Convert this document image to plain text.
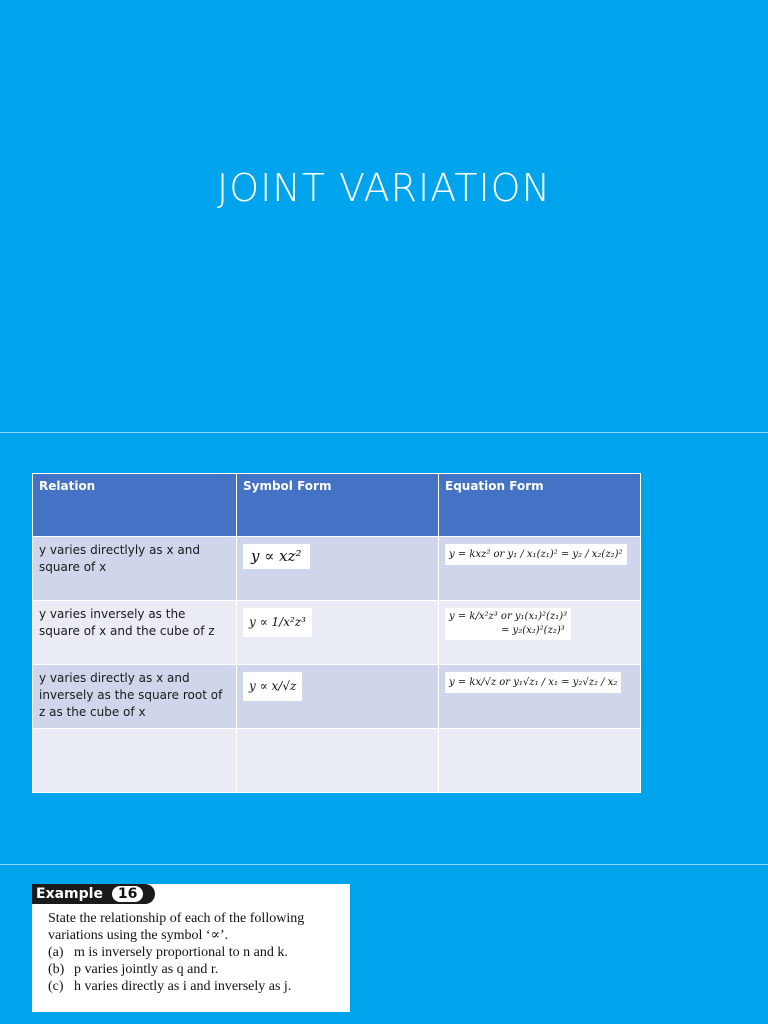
JOINT VARIATION
Relation	Symbol Form	Equation Form
y varies directlyly as x and square of x	y ∝ xz²	y = kxz² or y₁ / x₁(z₁)² = y₂ / x₂(z₂)²
y varies inversely as the square of x and the cube of z	y ∝ 1/x²z³	y = k/x²z³ or y₁(x₁)²(z₁)³
= y₂(x₂)²(z₂)³
y varies directly as x and inversely as the square root of z as the cube of x	y ∝ x/√z	y = kx/√z or y₁√z₁ / x₁ = y₂√z₂ / x₂

Example 16
State the relationship of each of the following variations using the symbol ‘∝’.
(a) m is inversely proportional to n and k.
(b) p varies jointly as q and r.
(c) h varies directly as i and inversely as j.
